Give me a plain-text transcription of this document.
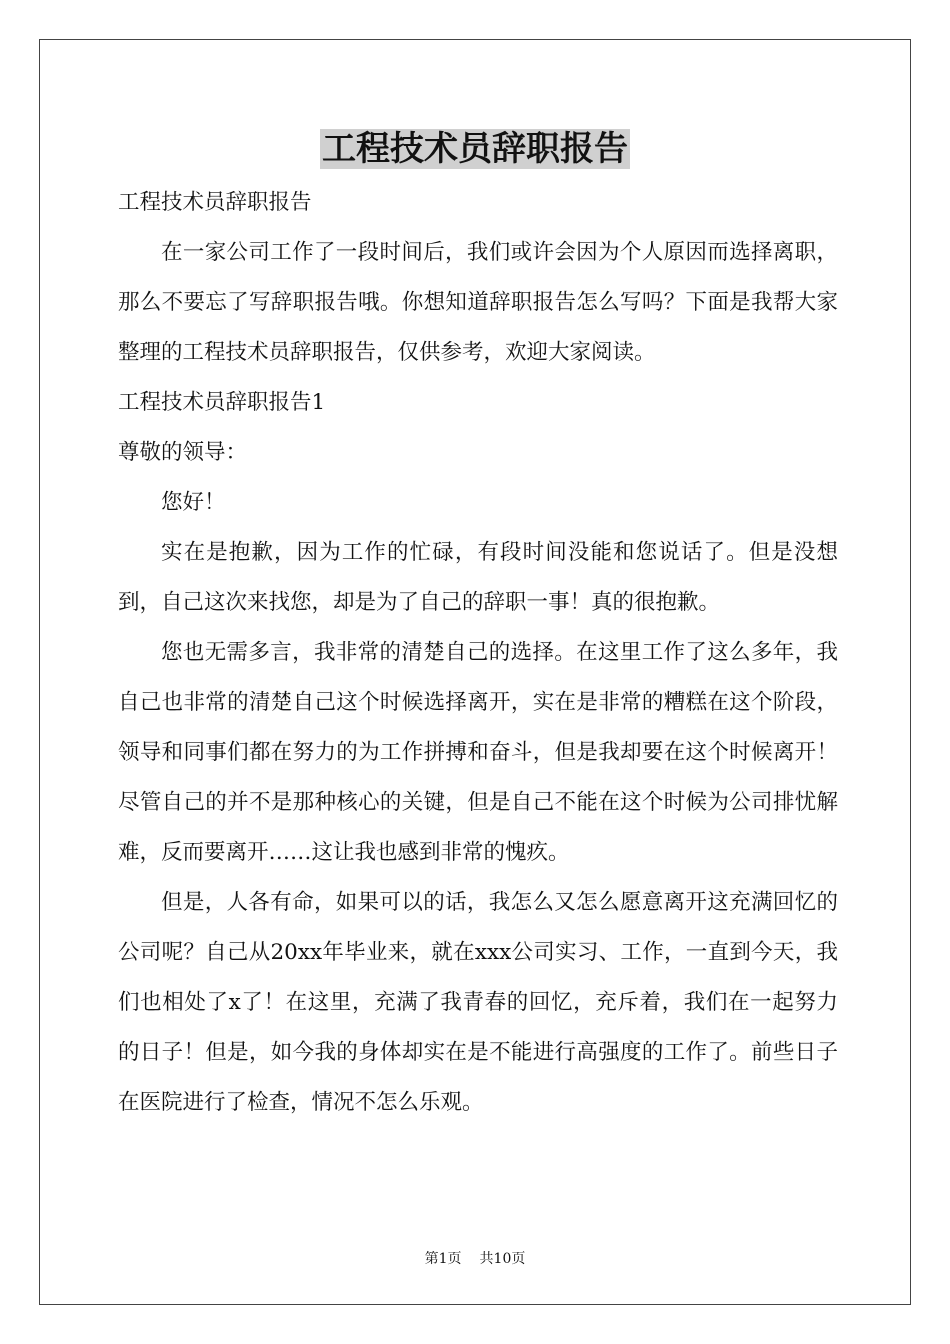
工程技术员辞职报告

工程技术员辞职报告

在一家公司工作了一段时间后，我们或许会因为个人原因而选择离职，那么不要忘了写辞职报告哦。你想知道辞职报告怎么写吗？下面是我帮大家整理的工程技术员辞职报告，仅供参考，欢迎大家阅读。

工程技术员辞职报告1

尊敬的领导：

您好！

实在是抱歉，因为工作的忙碌，有段时间没能和您说话了。但是没想到，自己这次来找您，却是为了自己的辞职一事！真的很抱歉。

您也无需多言，我非常的清楚自己的选择。在这里工作了这么多年，我自己也非常的清楚自己这个时候选择离开，实在是非常的糟糕在这个阶段，领导和同事们都在努力的为工作拼搏和奋斗，但是我却要在这个时候离开！尽管自己的并不是那种核心的关键，但是自己不能在这个时候为公司排忧解难，反而要离开……这让我也感到非常的愧疚。

但是，人各有命，如果可以的话，我怎么又怎么愿意离开这充满回忆的公司呢？自己从20xx年毕业来，就在xxx公司实习、工作，一直到今天，我们也相处了x了！在这里，充满了我青春的回忆，充斥着，我们在一起努力的日子！但是，如今我的身体却实在是不能进行高强度的工作了。前些日子在医院进行了检查，情况不怎么乐观。

第1页 共10页
